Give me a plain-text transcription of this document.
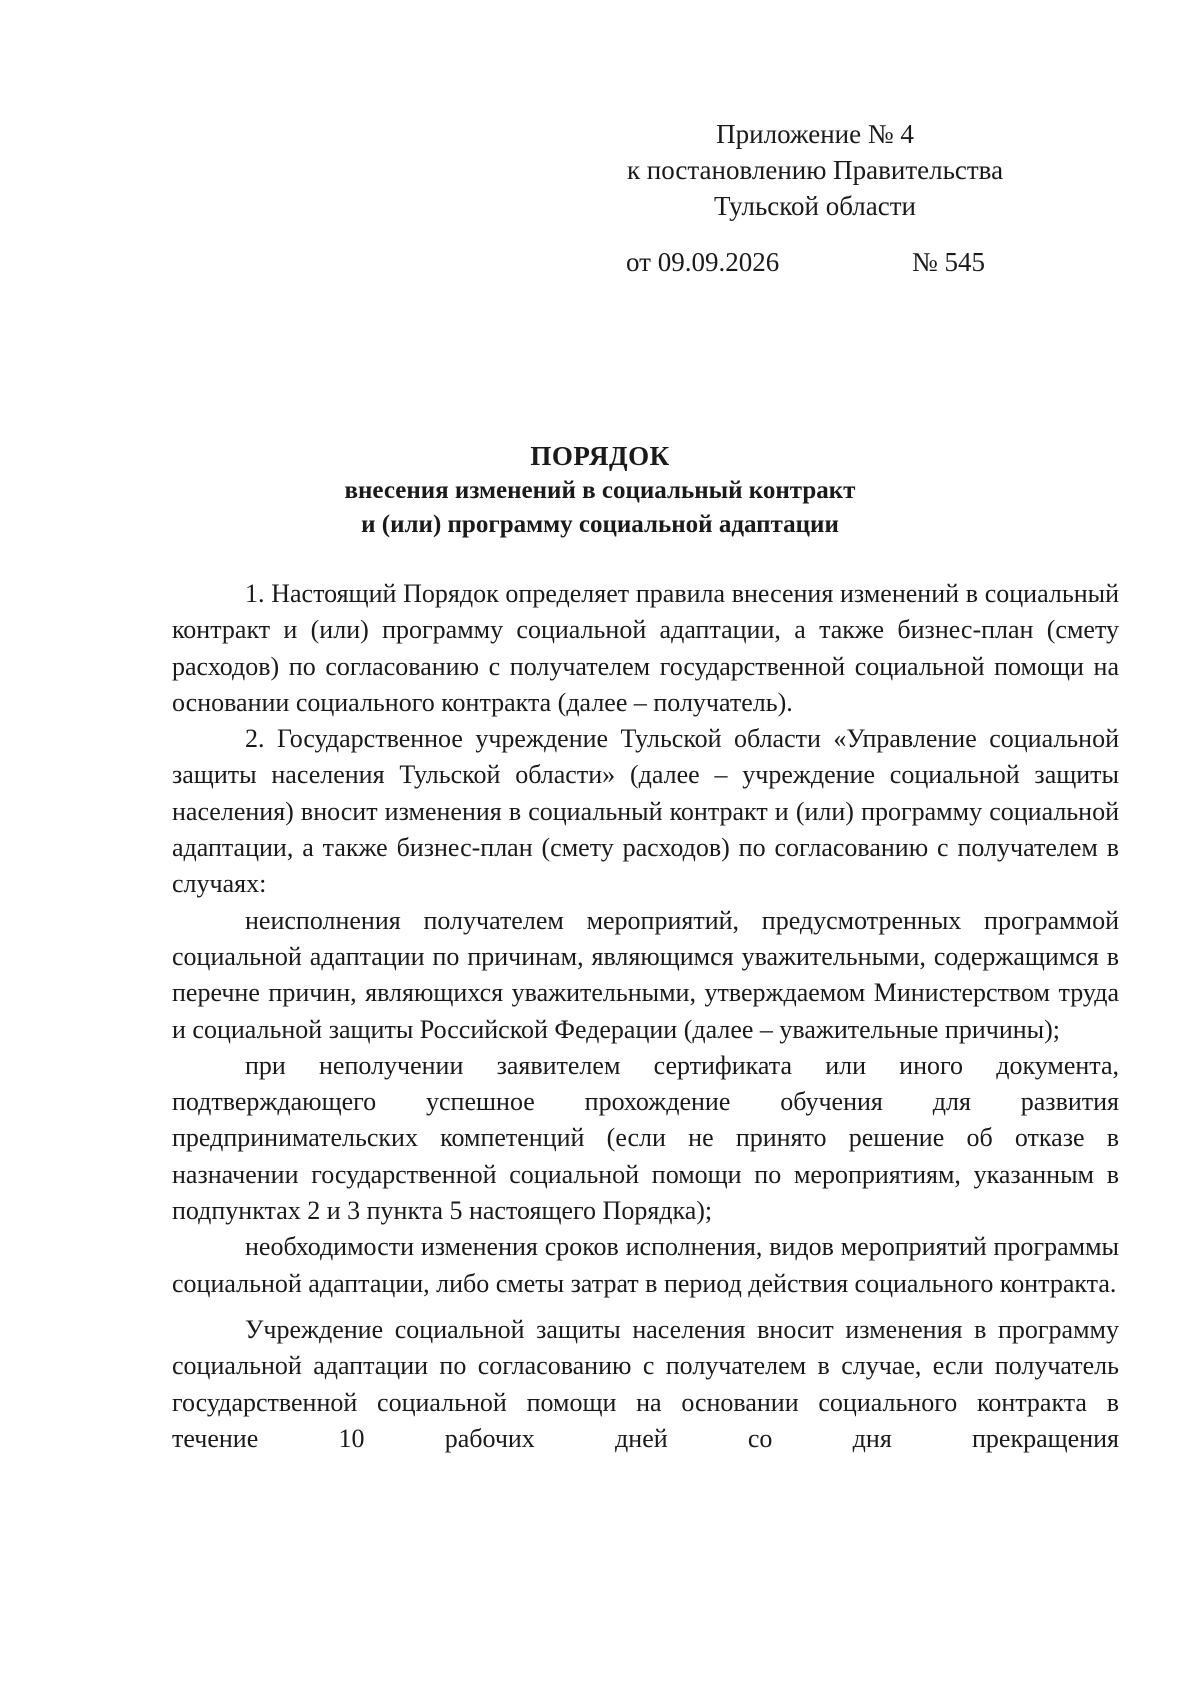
Приложение № 4
к постановлению Правительства
Тульской области
от 09.09.2026	№ 545
ПОРЯДОК
внесения изменений в социальный контракт
и (или) программу социальной адаптации

1. Настоящий Порядок определяет правила внесения изменений в социальный контракт и (или) программу социальной адаптации, а также бизнес-план (смету расходов) по согласованию с получателем государственной социальной помощи на основании социального контракта (далее – получатель).

2. Государственное учреждение Тульской области «Управление социальной защиты населения Тульской области» (далее – учреждение социальной защиты населения) вносит изменения в социальный контракт и (или) программу социальной адаптации, а также бизнес-план (смету расходов) по согласованию с получателем в случаях:

неисполнения получателем мероприятий, предусмотренных программой социальной адаптации по причинам, являющимся уважительными, содержащимся в перечне причин, являющихся уважительными, утверждаемом Министерством труда и социальной защиты Российской Федерации (далее – уважительные причины);

при неполучении заявителем сертификата или иного документа, подтверждающего успешное прохождение обучения для развития предпринимательских компетенций (если не принято решение об отказе в назначении государственной социальной помощи по мероприятиям, указанным в подпунктах 2 и 3 пункта 5 настоящего Порядка);

необходимости изменения сроков исполнения, видов мероприятий программы социальной адаптации, либо сметы затрат в период действия социального контракта.

Учреждение социальной защиты населения вносит изменения в программу социальной адаптации по согласованию с получателем в случае, если получатель государственной социальной помощи на основании социального контракта в течение 10 рабочих дней со дня прекращения
